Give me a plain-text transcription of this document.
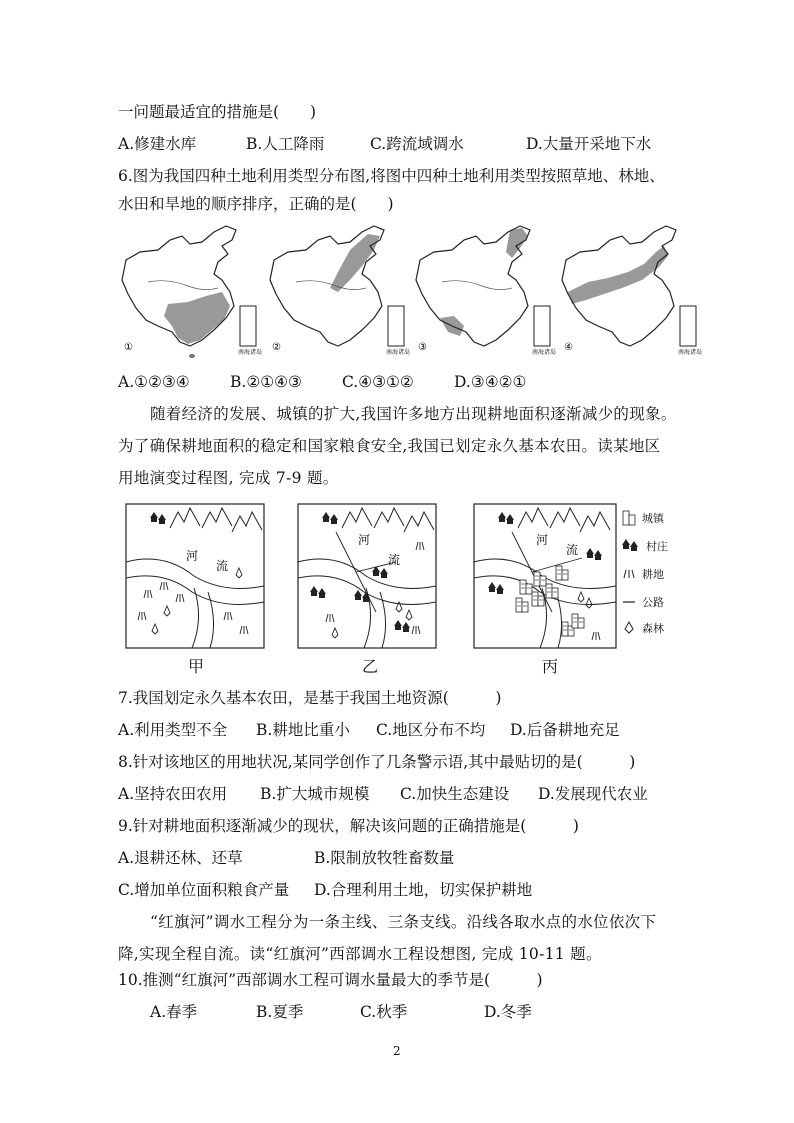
一问题最适宜的措施是(　　)
A.修建水库	B.人工降雨	C.跨流域调水	D.大量开采地下水
6.图为我国四种土地利用类型分布图,将图中四种土地利用类型按照草地、林地、
水田和旱地的顺序排序，正确的是(　　)
①	南海诸岛 ②	南海诸岛 ③	南海诸岛 ④	南海诸岛
A.①②③④	B.②①④③	C.④③①②	D.③④②①
随着经济的发展、城镇的扩大,我国许多地方出现耕地面积逐渐减少的现象。
为了确保耕地面积的稳定和国家粮食安全,我国已划定永久基本农田。读某地区
用地演变过程图, 完成 7-9 题。
河
流
河
流
河
流
城镇
村庄
耕地
公路
森林
甲	乙	丙
7.我国划定永久基本农田，是基于我国土地资源(　　　)
A.利用类型不全 B.耕地比重小 C.地区分布不均 D.后备耕地充足
8.针对该地区的用地状况,某同学创作了几条警示语,其中最贴切的是(　　　)
A.坚持农田农用 B.扩大城市规模 C.加快生态建设 D.发展现代农业
9.针对耕地面积逐渐减少的现状，解决该问题的正确措施是(　　　)
A.退耕还林、还草	B.限制放牧牲畜数量
C.增加单位面积粮食产量 D.合理利用土地，切实保护耕地
“红旗河”调水工程分为一条主线、三条支线。沿线各取水点的水位依次下
降,实现全程自流。读“红旗河”西部调水工程设想图, 完成 10-11 题。
10.推测“红旗河”西部调水工程可调水量最大的季节是(　　　)
A.春季	B.夏季	C.秋季	D.冬季
2
